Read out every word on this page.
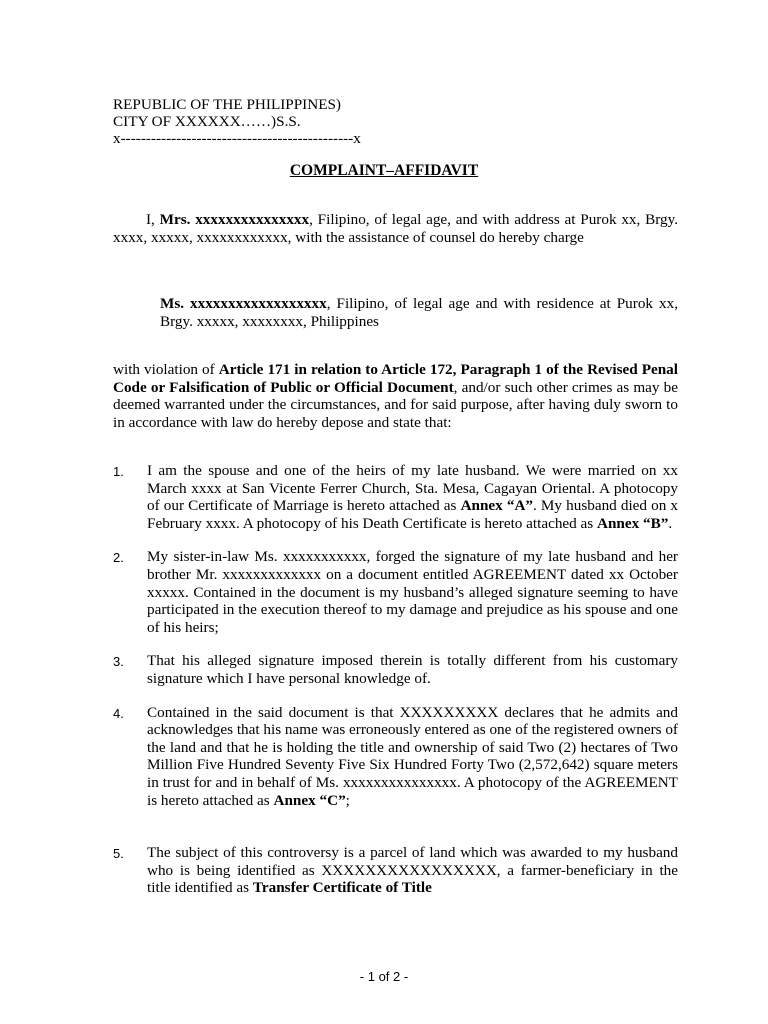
REPUBLIC OF THE PHILIPPINES)
CITY OF XXXXXX……)S.S.
x----------------------------------------------x
COMPLAINT–AFFIDAVIT
I, Mrs. xxxxxxxxxxxxxxx, Filipino, of legal age, and with address at Purok xx, Brgy. xxxx, xxxxx, xxxxxxxxxxxx, with the assistance of counsel do hereby charge
Ms. xxxxxxxxxxxxxxxxxx, Filipino, of legal age and with residence at Purok xx, Brgy. xxxxx, xxxxxxxx, Philippines
with violation of Article 171 in relation to Article 172, Paragraph 1 of the Revised Penal Code or Falsification of Public or Official Document, and/or such other crimes as may be deemed warranted under the circumstances, and for said purpose, after having duly sworn to in accordance with law do hereby depose and state that:
1. I am the spouse and one of the heirs of my late husband. We were married on xx March xxxx at San Vicente Ferrer Church, Sta. Mesa, Cagayan Oriental. A photocopy of our Certificate of Marriage is hereto attached as Annex “A”. My husband died on x February xxxx. A photocopy of his Death Certificate is hereto attached as Annex “B”.
2. My sister-in-law Ms. xxxxxxxxxxx, forged the signature of my late husband and her brother Mr. xxxxxxxxxxxxx on a document entitled AGREEMENT dated xx October xxxxx. Contained in the document is my husband’s alleged signature seeming to have participated in the execution thereof to my damage and prejudice as his spouse and one of his heirs;
3. That his alleged signature imposed therein is totally different from his customary signature which I have personal knowledge of.
4. Contained in the said document is that XXXXXXXXX declares that he admits and acknowledges that his name was erroneously entered as one of the registered owners of the land and that he is holding the title and ownership of said Two (2) hectares of Two Million Five Hundred Seventy Five Six Hundred Forty Two (2,572,642) square meters in trust for and in behalf of Ms. xxxxxxxxxxxxxxx. A photocopy of the AGREEMENT is hereto attached as Annex “C”;
5. The subject of this controversy is a parcel of land which was awarded to my husband who is being identified as XXXXXXXXXXXXXXXX, a farmer-beneficiary in the title identified as Transfer Certificate of Title
- 1 of 2 -
